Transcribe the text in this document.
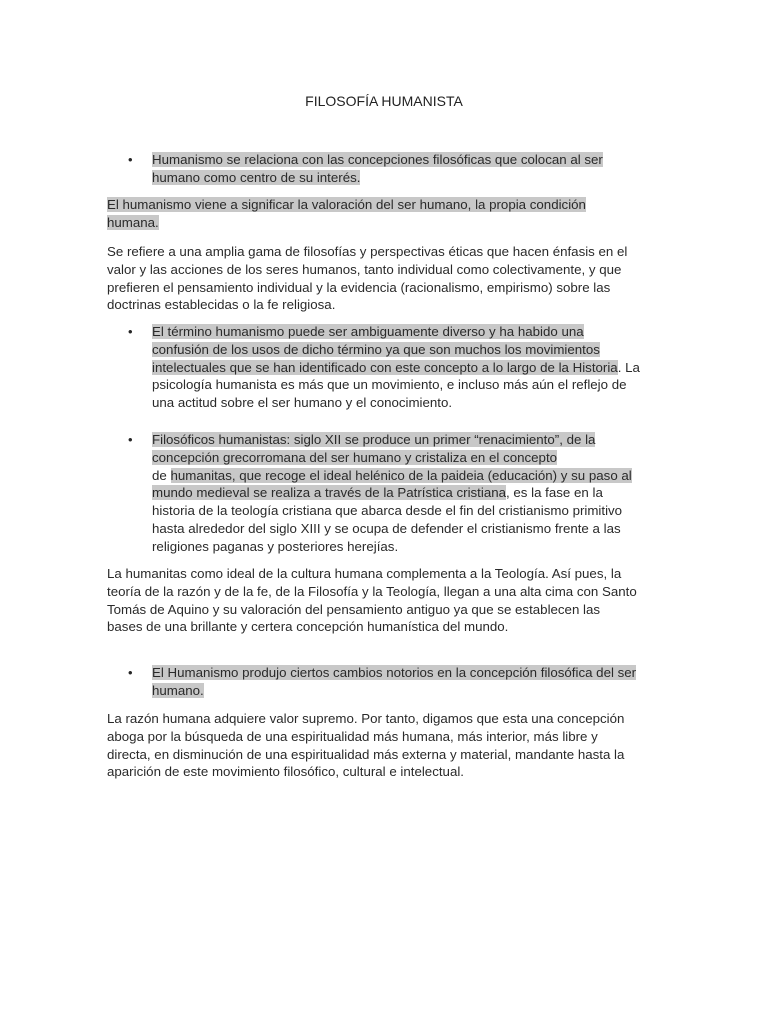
FILOSOFÍA HUMANISTA
• Humanismo se relaciona con las concepciones filosóficas que colocan al ser
humano como centro de su interés.
El humanismo viene a significar la valoración del ser humano, la propia condición
humana.
Se refiere a una amplia gama de filosofías y perspectivas éticas que hacen énfasis en el
valor y las acciones de los seres humanos, tanto individual como colectivamente, y que
prefieren el pensamiento individual y la evidencia (racionalismo, empirismo) sobre las
doctrinas establecidas o la fe religiosa.
• El término humanismo puede ser ambiguamente diverso y ha habido una
confusión de los usos de dicho término ya que son muchos los movimientos
intelectuales que se han identificado con este concepto a lo largo de la Historia. La
psicología humanista es más que un movimiento, e incluso más aún el reflejo de
una actitud sobre el ser humano y el conocimiento.
• Filosóficos humanistas: siglo XII se produce un primer “renacimiento”, de la
concepción grecorromana del ser humano y cristaliza en el concepto
de humanitas, que recoge el ideal helénico de la paideia (educación) y su paso al
mundo medieval se realiza a través de la Patrística cristiana, es la fase en la
historia de la teología cristiana que abarca desde el fin del cristianismo primitivo
hasta alrededor del siglo XIII y se ocupa de defender el cristianismo frente a las
religiones paganas y posteriores herejías.
La humanitas como ideal de la cultura humana complementa a la Teología. Así pues, la
teoría de la razón y de la fe, de la Filosofía y la Teología, llegan a una alta cima con Santo
Tomás de Aquino y su valoración del pensamiento antiguo ya que se establecen las
bases de una brillante y certera concepción humanística del mundo.
• El Humanismo produjo ciertos cambios notorios en la concepción filosófica del ser
humano.
La razón humana adquiere valor supremo. Por tanto, digamos que esta una concepción
aboga por la búsqueda de una espiritualidad más humana, más interior, más libre y
directa, en disminución de una espiritualidad más externa y material, mandante hasta la
aparición de este movimiento filosófico, cultural e intelectual.
